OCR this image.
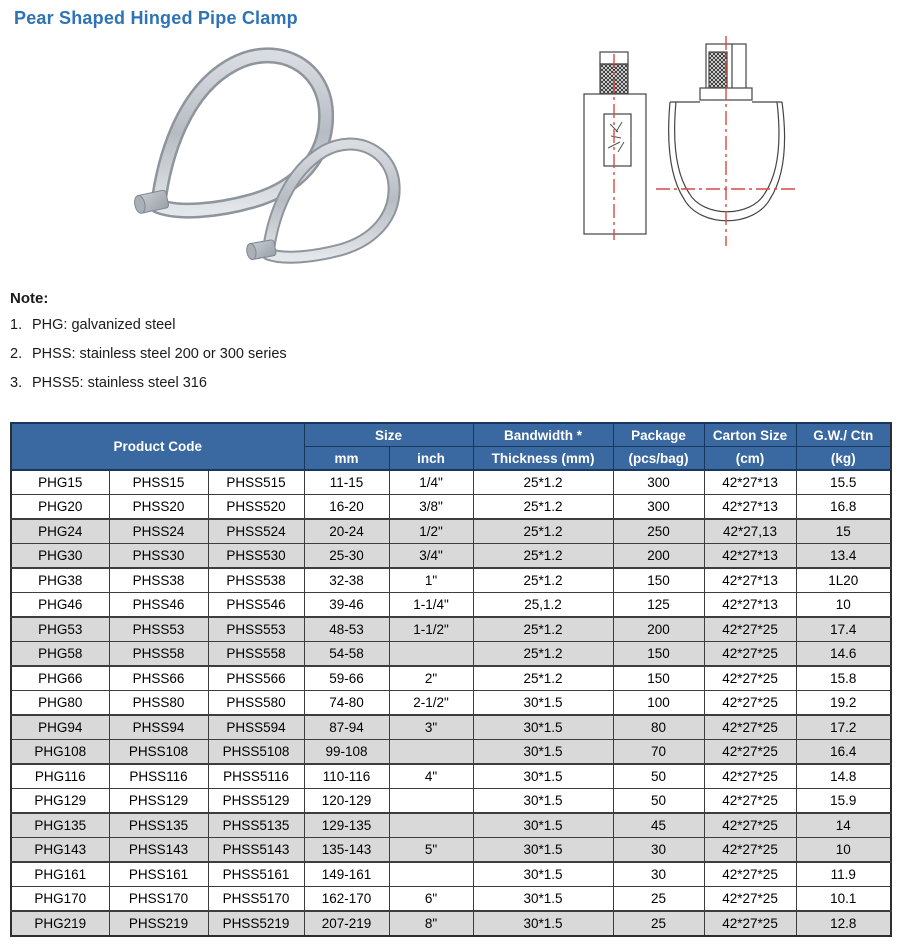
Pear Shaped Hinged Pipe Clamp
Note:
1. PHG: galvanized steel
2. PHSS: stainless steel 200 or 300 series
3. PHSS5: stainless steel 316
Product Code			Size		Bandwidth *	Package	Carton Size	G.W./ Ctn
			mm	inch	Thickness (mm)	(pcs/bag)	(cm)	(kg)
PHG15	PHSS15	PHSS515	11-15	1/4"	25*1.2	300	42*27*13	15.5
PHG20	PHSS20	PHSS520	16-20	3/8"	25*1.2	300	42*27*13	16.8
PHG24	PHSS24	PHSS524	20-24	1/2"	25*1.2	250	42*27,13	15
PHG30	PHSS30	PHSS530	25-30	3/4"	25*1.2	200	42*27*13	13.4
PHG38	PHSS38	PHSS538	32-38	1"	25*1.2	150	42*27*13	1L20
PHG46	PHSS46	PHSS546	39-46	1-1/4"	25,1.2	125	42*27*13	10
PHG53	PHSS53	PHSS553	48-53	1-1/2"	25*1.2	200	42*27*25	17.4
PHG58	PHSS58	PHSS558	54-58		25*1.2	150	42*27*25	14.6
PHG66	PHSS66	PHSS566	59-66	2"	25*1.2	150	42*27*25	15.8
PHG80	PHSS80	PHSS580	74-80	2-1/2"	30*1.5	100	42*27*25	19.2
PHG94	PHSS94	PHSS594	87-94	3"	30*1.5	80	42*27*25	17.2
PHG108	PHSS108	PHSS5108	99-108		30*1.5	70	42*27*25	16.4
PHG116	PHSS116	PHSS5116	110-116	4"	30*1.5	50	42*27*25	14.8
PHG129	PHSS129	PHSS5129	120-129		30*1.5	50	42*27*25	15.9
PHG135	PHSS135	PHSS5135	129-135		30*1.5	45	42*27*25	14
PHG143	PHSS143	PHSS5143	135-143	5"	30*1.5	30	42*27*25	10
PHG161	PHSS161	PHSS5161	149-161		30*1.5	30	42*27*25	11.9
PHG170	PHSS170	PHSS5170	162-170	6"	30*1.5	25	42*27*25	10.1
PHG219	PHSS219	PHSS5219	207-219	8"	30*1.5	25	42*27*25	12.8
